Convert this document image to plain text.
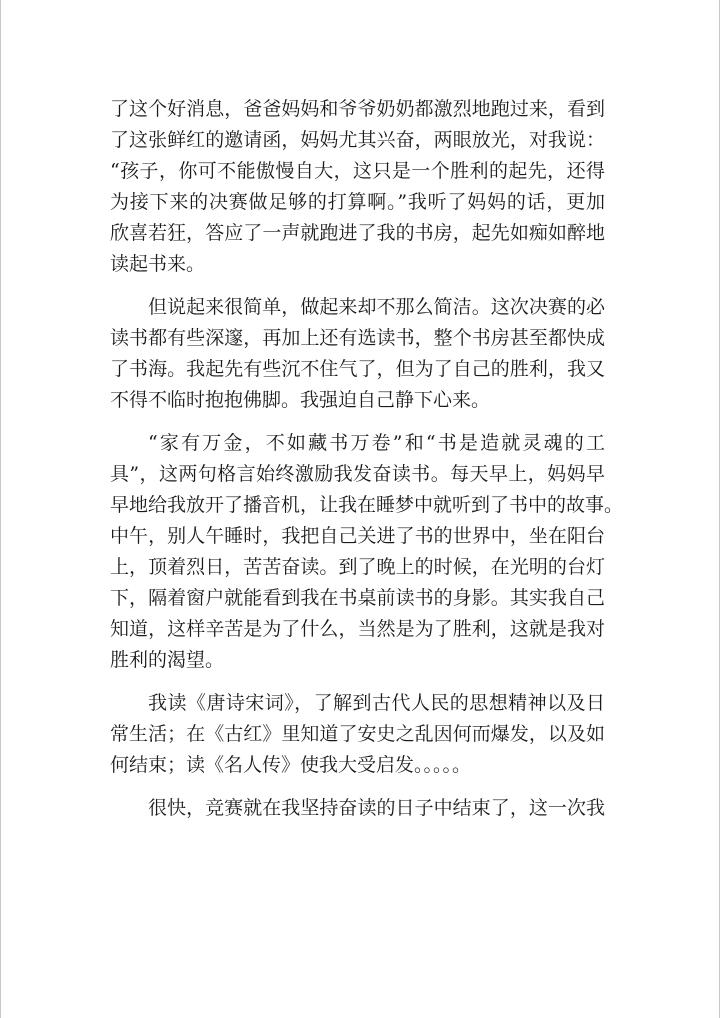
了这个好消息，爸爸妈妈和爷爷奶奶都激烈地跑过来，看到
了这张鲜红的邀请函，妈妈尤其兴奋，两眼放光，对我说：
“孩子，你可不能傲慢自大，这只是一个胜利的起先，还得
为接下来的决赛做足够的打算啊。”我听了妈妈的话，更加
欣喜若狂，答应了一声就跑进了我的书房，起先如痴如醉地
读起书来。
但说起来很简单，做起来却不那么简洁。这次决赛的必
读书都有些深邃，再加上还有选读书，整个书房甚至都快成
了书海。我起先有些沉不住气了，但为了自己的胜利，我又
不得不临时抱抱佛脚。我强迫自己静下心来。
“家有万金，不如藏书万卷”和“书是造就灵魂的工
具”，这两句格言始终激励我发奋读书。每天早上，妈妈早
早地给我放开了播音机，让我在睡梦中就听到了书中的故事。
中午，别人午睡时，我把自己关进了书的世界中，坐在阳台
上，顶着烈日，苦苦奋读。到了晚上的时候，在光明的台灯
下，隔着窗户就能看到我在书桌前读书的身影。其实我自己
知道，这样辛苦是为了什么，当然是为了胜利，这就是我对
胜利的渴望。
我读《唐诗宋词》，了解到古代人民的思想精神以及日
常生活；在《古红》里知道了安史之乱因何而爆发，以及如
何结束；读《名人传》使我大受启发。。。。。
很快，竞赛就在我坚持奋读的日子中结束了，这一次我
